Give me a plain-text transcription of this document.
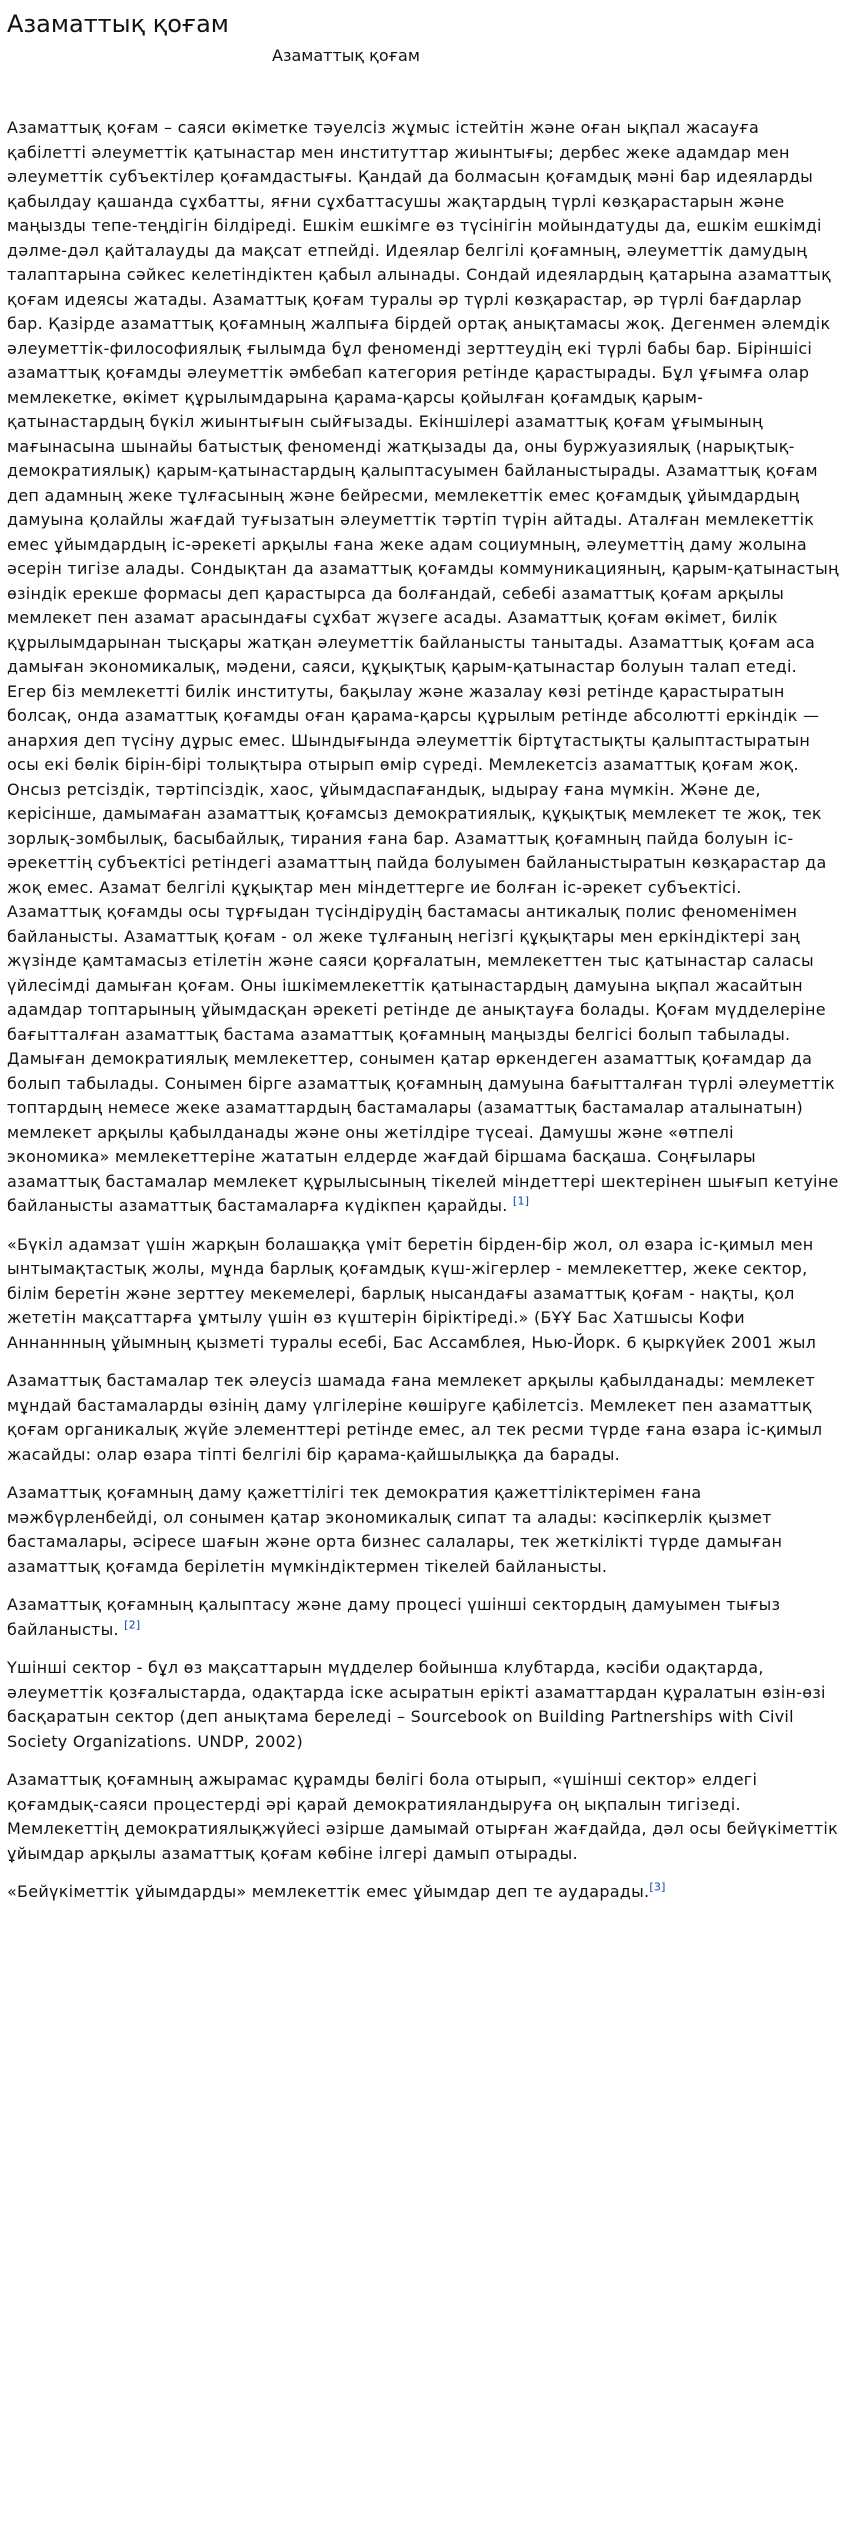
Азаматтық қоғам
Азаматтық қоғам

Азаматтық қоғам – саяси өкіметке тәуелсіз жұмыс істейтін және оған ықпал жасауға қабілетті әлеуметтік қатынастар мен институттар жиынтығы; дербес жеке адамдар мен әлеуметтік субъектілер қоғамдастығы. Қандай да болмасын қоғамдық мәні бар идеяларды қабылдау қашанда сұхбатты, яғни сұхбаттасушы жақтардың түрлі көзқарастарын және маңызды тепе-теңдігін білдіреді. Ешкім ешкімге өз түсінігін мойындатуды да, ешкім ешкімді дәлме-дәл қайталауды да мақсат етпейді. Идеялар белгілі қоғамның, әлеуметтік дамудың талаптарына сәйкес келетіндіктен қабыл алынады. Сондай идеялардың қатарына азаматтық қоғам идеясы жатады. Азаматтық қоғам туралы әр түрлі көзқарастар, әр түрлі бағдарлар бар. Қазірде азаматтық қоғамның жалпыға бірдей ортақ анықтамасы жоқ. Дегенмен әлемдік әлеуметтік-философиялық ғылымда бұл феноменді зерттеудің екі түрлі бабы бар. Біріншісі азаматтық қоғамды әлеуметтік әмбебап категория ретінде қарастырады. Бұл ұғымға олар мемлекетке, өкімет құрылымдарына қарама-қарсы қойылған қоғамдық қарым-қатынастардың бүкіл жиынтығын сыйғызады. Екіншілері азаматтық қоғам ұғымының мағынасына шынайы батыстық феноменді жатқызады да, оны буржуазиялық (нарықтық-демократиялық) қарым-қатынастардың қалыптасуымен байланыстырады. Азаматтық қоғам деп адамның жеке тұлғасының және бейресми, мемлекеттік емес қоғамдық ұйымдардың дамуына қолайлы жағдай туғызатын әлеуметтік тәртіп түрін айтады. Аталған мемлекеттік емес ұйымдардың іс-әрекеті арқылы ғана жеке адам социумның, әлеуметтің даму жолына әсерін тигізе алады. Сондықтан да азаматтық қоғамды коммуникацияның, қарым-қатынастың өзіндік ерекше формасы деп қарастырса да болғандай, себебі азаматтық қоғам арқылы мемлекет пен азамат арасындағы сұхбат жүзеге асады. Азаматтық қоғам өкімет, билік құрылымдарынан тысқары жатқан әлеуметтік байланысты танытады. Азаматтық қоғам аса дамыған экономикалық, мәдени, саяси, құқықтық қарым-қатынастар болуын талап етеді. Егер біз мемлекетті билік институты, бақылау және жазалау көзі ретінде қарастыратын болсақ, онда азаматтық қоғамды оған қарама-қарсы құрылым ретінде абсолютті еркіндік — анархия деп түсіну дұрыс емес. Шындығында әлеуметтік біртұтастықты қалыптастыратын осы екі бөлік бірін-бірі толықтыра отырып өмір сүреді. Мемлекетсіз азаматтық қоғам жоқ. Онсыз ретсіздік, тәртіпсіздік, хаос, ұйымдаспағандық, ыдырау ғана мүмкін. Және де, керісінше, дамымаған азаматтық қоғамсыз демократиялық, құқықтық мемлекет те жоқ, тек зорлық-зомбылық, басыбайлық, тирания ғана бар. Азаматтық қоғамның пайда болуын іс-әрекеттің субъектісі ретіндегі азаматтың пайда болуымен байланыстыратын көзқарастар да жоқ емес. Азамат белгілі құқықтар мен міндеттерге ие болған іс-әрекет субъектісі. Азаматтық қоғамды осы тұрғыдан түсіндірудің бастамасы антикалық полис феноменімен байланысты. Азаматтық қоғам - ол жеке тұлғаның негізгі құқықтары мен еркіндіктері заң жүзінде қамтамасыз етілетін және саяси қорғалатын, мемлекеттен тыс қатынастар саласы үйлесімді дамыған қоғам. Оны ішкімемлекеттік қатынастардың дамуына ықпал жасайтын адамдар топтарының ұйымдасқан әрекеті ретінде де анықтауға болады. Қоғам мүдделеріне бағытталған азаматтық бастама азаматтық қоғамның маңызды белгісі болып табылады. Дамыған демократиялық мемлекеттер, сонымен қатар өркендеген азаматтық қоғамдар да болып табылады. Сонымен бірге азаматтық қоғамның дамуына бағытталған түрлі әлеуметтік топтардың немесе жеке азаматтардың бастамалары (азаматтық бастамалар аталынатын) мемлекет арқылы қабылданады және оны жетілдіре түсеаі. Дамушы және «өтпелі экономика» мемлекеттеріне жататын елдерде жағдай біршама басқаша. Соңғылары азаматтық бастамалар мемлекет құрылысының тікелей міндеттері шектерінен шығып кетуіне байланысты азаматтық бастамаларға күдікпен қарайды. [1]

«Бүкіл адамзат үшін жарқын болашаққа үміт беретін бірден-бір жол, ол өзара іс-қимыл мен ынтымақтастық жолы, мұнда барлық қоғамдық күш-жігерлер - мемлекеттер, жеке сектор, білім беретін және зерттеу мекемелері, барлық нысандағы азаматтық қоғам - нақты, қол жететін мақсаттарға ұмтылу үшін өз күштерін біріктіреді.» (БҰҰ Бас Хатшысы Кофи Аннаннның ұйымның қызметі туралы есебі, Бас Ассамблея, Нью-Йорк. 6 қыркүйек 2001 жыл

Азаматтық бастамалар тек әлеусіз шамада ғана мемлекет арқылы қабылданады: мемлекет мұндай бастамаларды өзінің даму үлгілеріне көшіруге қабілетсіз. Мемлекет пен азаматтық қоғам органикалық жүйе элементтері ретінде емес, ал тек ресми түрде ғана өзара іс-қимыл жасайды: олар өзара тіпті белгілі бір қарама-қайшылыққа да барады.

Азаматтық қоғамның даму қажеттілігі тек демократия қажеттіліктерімен ғана мәжбүрленбейді, ол сонымен қатар экономикалық сипат та алады: кәсіпкерлік қызмет бастамалары, әсіресе шағын және орта бизнес салалары, тек жеткілікті түрде дамыған азаматтық қоғамда берілетін мүмкіндіктермен тікелей байланысты.

Азаматтық қоғамның қалыптасу және даму процесі үшінші сектордың дамуымен тығыз байланысты. [2]

Үшінші сектор - бұл өз мақсаттарын мүдделер бойынша клубтарда, кәсіби одақтарда, әлеуметтік қозғалыстарда, одақтарда іске асыратын ерікті азаматтардан құралатын өзін-өзі басқаратын сектор (деп анықтама береледі – Sourcebook on Building Partnerships with Civil Society Organizations. UNDP, 2002)

Азаматтық қоғамның ажырамас құрамды бөлігі бола отырып, «үшінші сектор» елдегі қоғамдық-саяси процестерді әрі қарай демократияландыруға оң ықпалын тигізеді. Мемлекеттің демократиялықжүйесі әзірше дамымай отырған жағдайда, дәл осы бейүкіметтік ұйымдар арқылы азаматтық қоғам көбіне ілгері дамып отырады.

«Бейүкіметтік ұйымдарды» мемлекеттік емес ұйымдар деп те аударады.[3]
